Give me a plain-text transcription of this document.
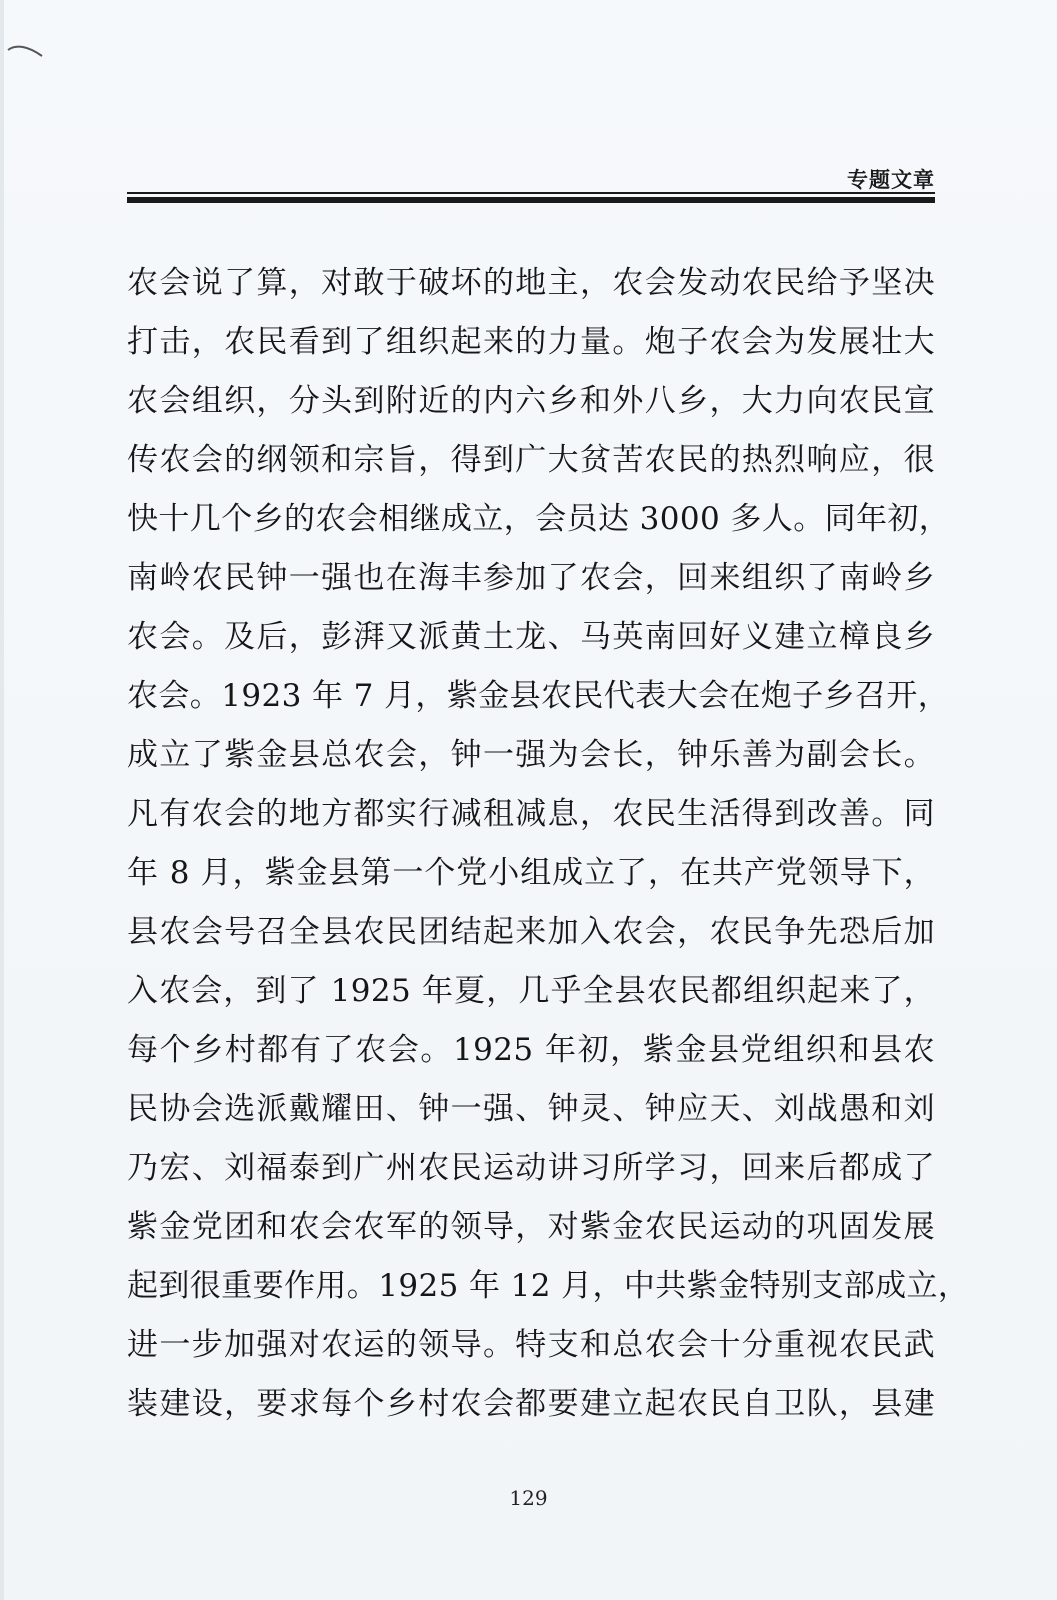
专题文章
农会说了算，对敢于破坏的地主，农会发动农民给予坚决
打击，农民看到了组织起来的力量。炮子农会为发展壮大
农会组织，分头到附近的内六乡和外八乡，大力向农民宣
传农会的纲领和宗旨，得到广大贫苦农民的热烈响应，很
快十几个乡的农会相继成立，会员达 3000 多人。同年初，
南岭农民钟一强也在海丰参加了农会，回来组织了南岭乡
农会。及后，彭湃又派黄土龙、马英南回好义建立樟良乡
农会。1923 年 7 月，紫金县农民代表大会在炮子乡召开，
成立了紫金县总农会，钟一强为会长，钟乐善为副会长。
凡有农会的地方都实行减租减息，农民生活得到改善。同
年 8 月，紫金县第一个党小组成立了，在共产党领导下，
县农会号召全县农民团结起来加入农会，农民争先恐后加
入农会，到了 1925 年夏，几乎全县农民都组织起来了，
每个乡村都有了农会。1925 年初，紫金县党组织和县农
民协会选派戴耀田、钟一强、钟灵、钟应天、刘战愚和刘
乃宏、刘福泰到广州农民运动讲习所学习，回来后都成了
紫金党团和农会农军的领导，对紫金农民运动的巩固发展
起到很重要作用。1925 年 12 月，中共紫金特别支部成立，
进一步加强对农运的领导。特支和总农会十分重视农民武
装建设，要求每个乡村农会都要建立起农民自卫队，县建
129
